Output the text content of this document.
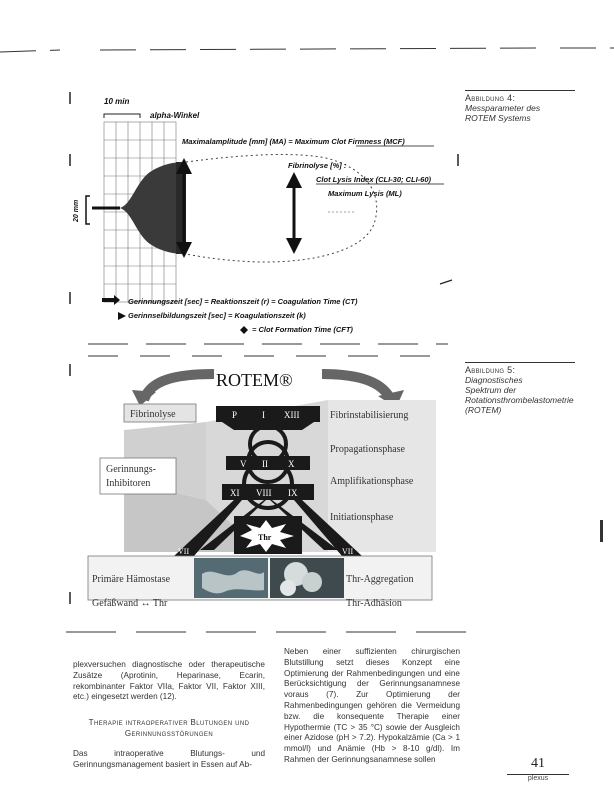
Abbildung 4:
Messparameter des ROTEM Systems
10 min
alpha-Winkel
20 mm
Maximalamplitude [mm] (MA) = Maximum Clot Firmness (MCF)
Fibrinolyse [%] :
Clot Lysis Index (CLI-30; CLI-60)
Maximum Lysis (ML)
Gerinnungszeit [sec] = Reaktionszeit (r) = Coagulation Time (CT)
Gerinnselbildungszeit [sec] = Koagulationszeit (k)
= Clot Formation Time (CFT)
Abbildung 5:
Diagnostisches Spektrum der Rotationsthrombelastometrie (ROTEM)
ROTEM®
Thr
P	I XIII
V II X
XI VIII IX
VII	VII
Fibrinolyse
Gerinnungs-
Inhibitoren
Fibrinstabilisierung
Propagationsphase
Amplifikationsphase
Initiationsphase
Primäre Hämostase
Gefäßwand ↔ Thr
Thr-Aggregation
Thr-Adhäsion

plexversuchen diagnostische oder therapeutische Zusätze (Aprotinin, Heparinase, Ecarin, rekombinanter Faktor VIIa, Faktor VII, Faktor XIII, etc.) eingesetzt werden (12).

Therapie intraoperativer Blutungen und Gerinnungsstörungen

Das intraoperative Blutungs- und Gerinnungsmanagement basiert in Essen auf Ab-

Neben einer suffizienten chirurgischen Blutstillung setzt dieses Konzept eine Optimierung der Rahmenbedingungen und eine Berücksichtigung der Gerinnungsanamnese voraus (7). Zur Optimierung der Rahmenbedingungen gehören die Vermeidung bzw. die konsequente Therapie einer Hypothermie (TC > 35 °C) sowie der Ausgleich einer Azidose (pH > 7.2). Hypokalzämie (Ca > 1 mmol/l) und Anämie (Hb > 8-10 g/dl). Im Rahmen der Gerinnungsanamnese sollen	41
plexus
